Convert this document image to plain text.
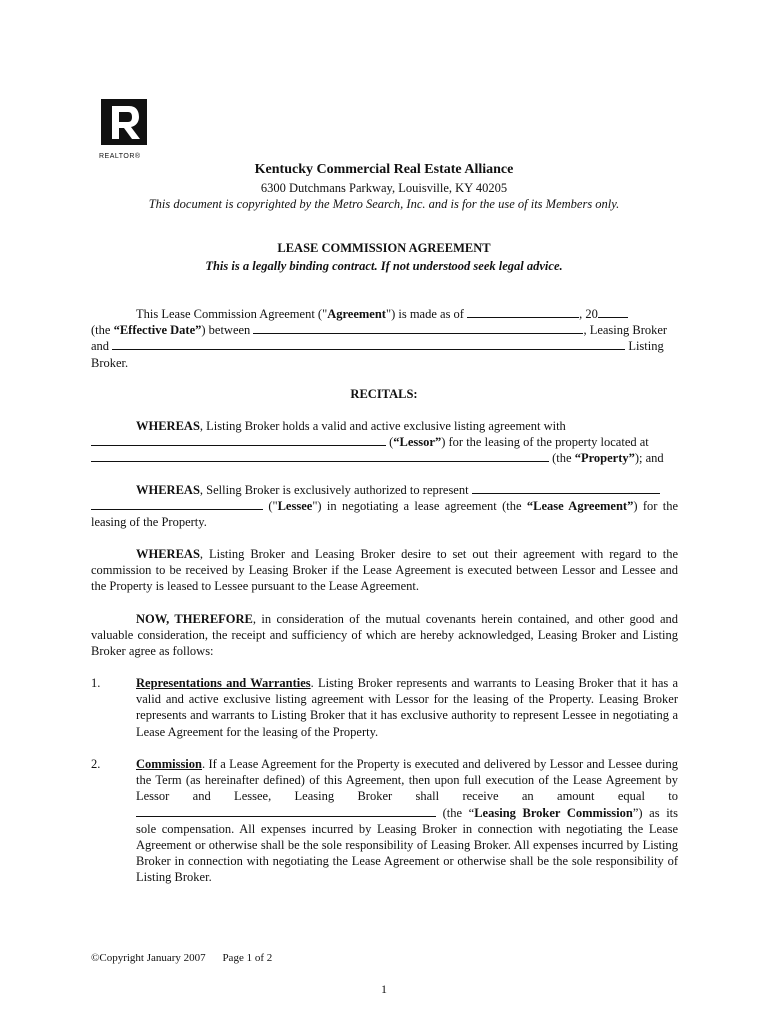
REALTOR®
Kentucky Commercial Real Estate Alliance
6300 Dutchmans Parkway, Louisville, KY 40205
This document is copyrighted by the Metro Search, Inc. and is for the use of its Members only.
LEASE COMMISSION AGREEMENT
This is a legally binding contract. If not understood seek legal advice.

This Lease Commission Agreement ("Agreement") is made as of	, 20

(the “Effective Date”) between	, Leasing Broker

and	Listing

Broker.

RECITALS:

WHEREAS, Listing Broker holds a valid and active exclusive listing agreement with

(“Lessor”) for the leasing of the property located at

(the “Property”); and

WHEREAS, Selling Broker is exclusively authorized to represent

("Lessee") in negotiating a lease agreement (the “Lease Agreement”) for the leasing of the Property.

WHEREAS, Listing Broker and Leasing Broker desire to set out their agreement with regard to the commission to be received by Leasing Broker if the Lease Agreement is executed between Lessor and Lessee and the Property is leased to Lessee pursuant to the Lease Agreement.

NOW, THEREFORE, in consideration of the mutual covenants herein contained, and other good and valuable consideration, the receipt and sufficiency of which are hereby acknowledged, Leasing Broker and Listing Broker agree as follows:

1.	Representations and Warranties. Listing Broker represents and warrants to Leasing Broker that it has a valid and active exclusive listing agreement with Lessor for the leasing of the Property. Leasing Broker represents and warrants to Listing Broker that it has exclusive authority to represent Lessee in negotiating a Lease Agreement for the leasing of the Property.
2.	Commission. If a Lease Agreement for the Property is executed and delivered by Lessor and Lessee during the Term (as hereinafter defined) of this Agreement, then upon full execution of the Lease Agreement by Lessor and Lessee, Leasing Broker shall receive an amount equal to  (the “Leasing Broker Commission”) as its sole compensation. All expenses incurred by Leasing Broker in connection with negotiating the Lease Agreement or otherwise shall be the sole responsibility of Leasing Broker. All expenses incurred by Listing Broker in connection with negotiating the Lease Agreement or otherwise shall be the sole responsibility of Listing Broker.
©Copyright January 2007 Page 1 of 2
1
